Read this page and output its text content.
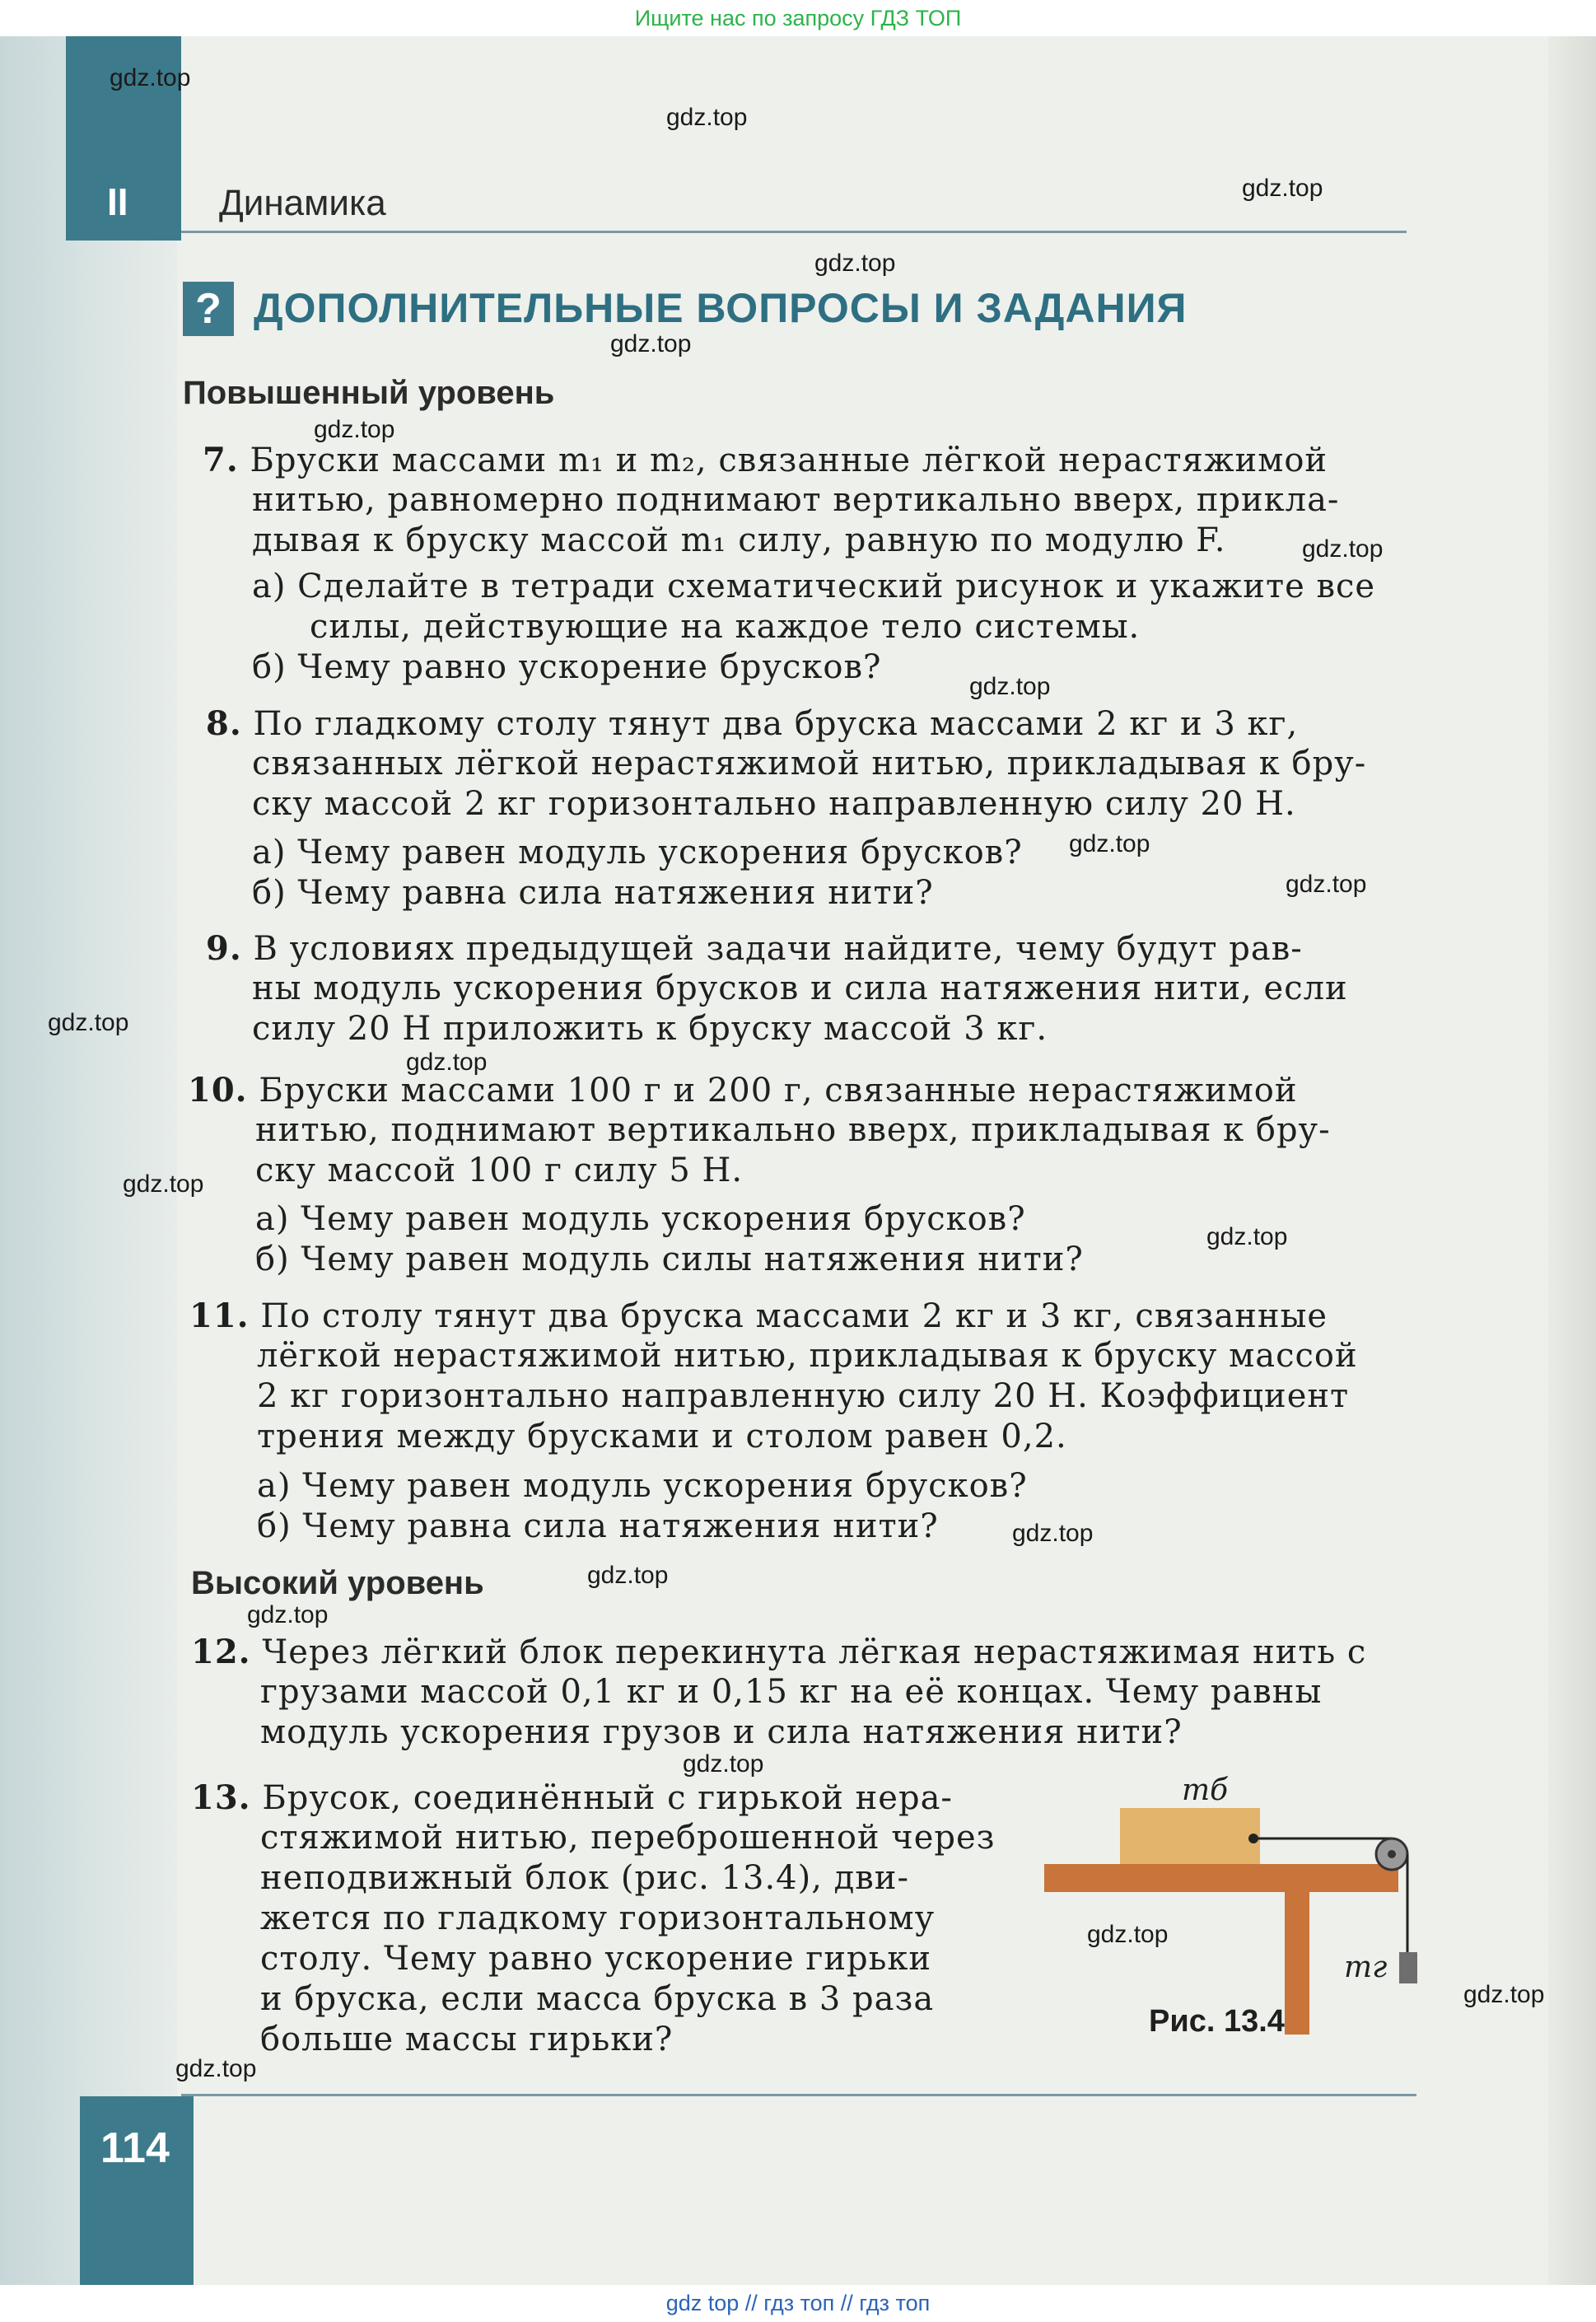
Ищите нас по запросу ГДЗ ТОП
II	Динамика
? ДОПОЛНИТЕЛЬНЫЕ ВОПРОСЫ И ЗАДАНИЯ
Повышенный уровень
7. Бруски массами m₁ и m₂, связанные лёгкой нерастяжимой
нитью, равномерно поднимают вертикально вверх, прикла-
дывая к бруску массой m₁ силу, равную по модулю F.
а) Сделайте в тетради схематический рисунок и укажите все
силы, действующие на каждое тело системы.
б) Чему равно ускорение брусков?
8. По гладкому столу тянут два бруска массами 2 кг и 3 кг,
связанных лёгкой нерастяжимой нитью, прикладывая к бру-
ску массой 2 кг горизонтально направленную силу 20 Н.
а) Чему равен модуль ускорения брусков?
б) Чему равна сила натяжения нити?
9. В условиях предыдущей задачи найдите, чему будут рав-
ны модуль ускорения брусков и сила натяжения нити, если
силу 20 Н приложить к бруску массой 3 кг.
10. Бруски массами 100 г и 200 г, связанные нерастяжимой
нитью, поднимают вертикально вверх, прикладывая к бру-
ску массой 100 г силу 5 Н.
а) Чему равен модуль ускорения брусков?
б) Чему равен модуль силы натяжения нити?
11. По столу тянут два бруска массами 2 кг и 3 кг, связанные
лёгкой нерастяжимой нитью, прикладывая к бруску массой
2 кг горизонтально направленную силу 20 Н. Коэффициент
трения между брусками и столом равен 0,2.
а) Чему равен модуль ускорения брусков?
б) Чему равна сила натяжения нити?
Высокий уровень
12. Через лёгкий блок перекинута лёгкая нерастяжимая нить с
грузами массой 0,1 кг и 0,15 кг на её концах. Чему равны
модуль ускорения грузов и сила натяжения нити?
13. Брусок, соединённый с гирькой нера-
стяжимой нитью, переброшенной через
неподвижный блок (рис. 13.4), дви-
жется по гладкому горизонтальному
столу. Чему равно ускорение гирьки
и бруска, если масса бруска в 3 раза
больше массы гирьки?
mб
mг
Рис. 13.4
114
gdz.top
gdz.top
gdz.top
gdz.top
gdz.top
gdz.top
gdz.top
gdz.top
gdz.top
gdz.top
gdz.top
gdz.top
gdz.top
gdz.top
gdz.top
gdz.top
gdz.top
gdz.top
gdz.top
gdz.top
gdz.top
gdz top // гдз топ // гдз топ
